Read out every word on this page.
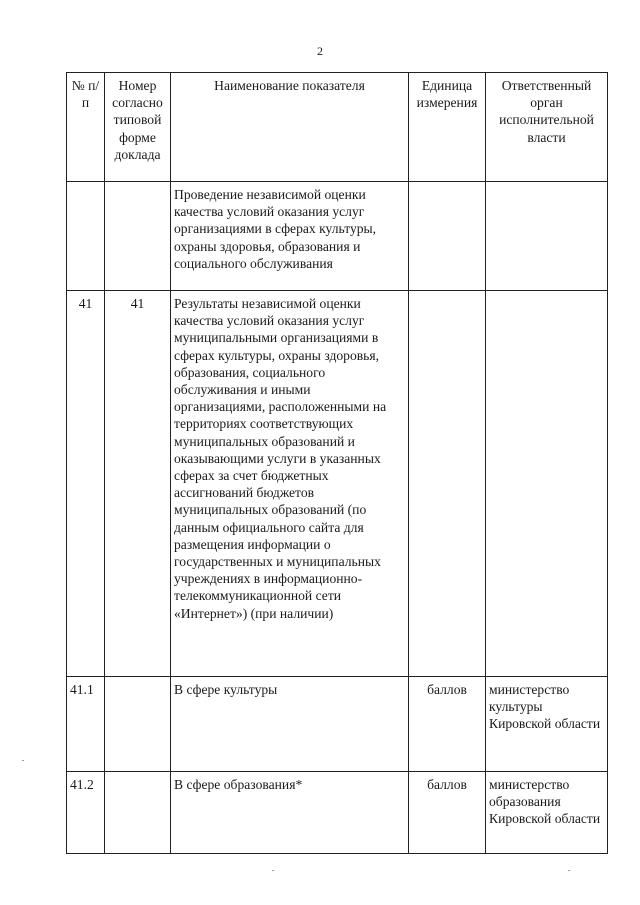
2
№ п/п	Номер согласно типовой форме доклада	Наименование показателя	Единица измерения	Ответственный орган исполнительной власти
		Проведение независимой оценки качества условий оказания услуг организациями в сферах культуры, охраны здоровья, образования и социального обслуживания		
41	41	Результаты независимой оценки качества условий оказания услуг муниципальными организациями в сферах культуры, охраны здоровья, образования, социального обслуживания и иными организациями, расположенными на территориях соответствующих муниципальных образований и оказывающими услуги в указанных сферах за счет бюджетных ассигнований бюджетов муниципальных образований (по данным официального сайта для размещения информации о государственных и муниципальных учреждениях в информационно-телекоммуникационной сети «Интернет») (при наличии)		
41.1		В сфере культуры	баллов	министерство культуры Кировской области
41.2		В сфере образования*	баллов	министерство образования Кировской области
